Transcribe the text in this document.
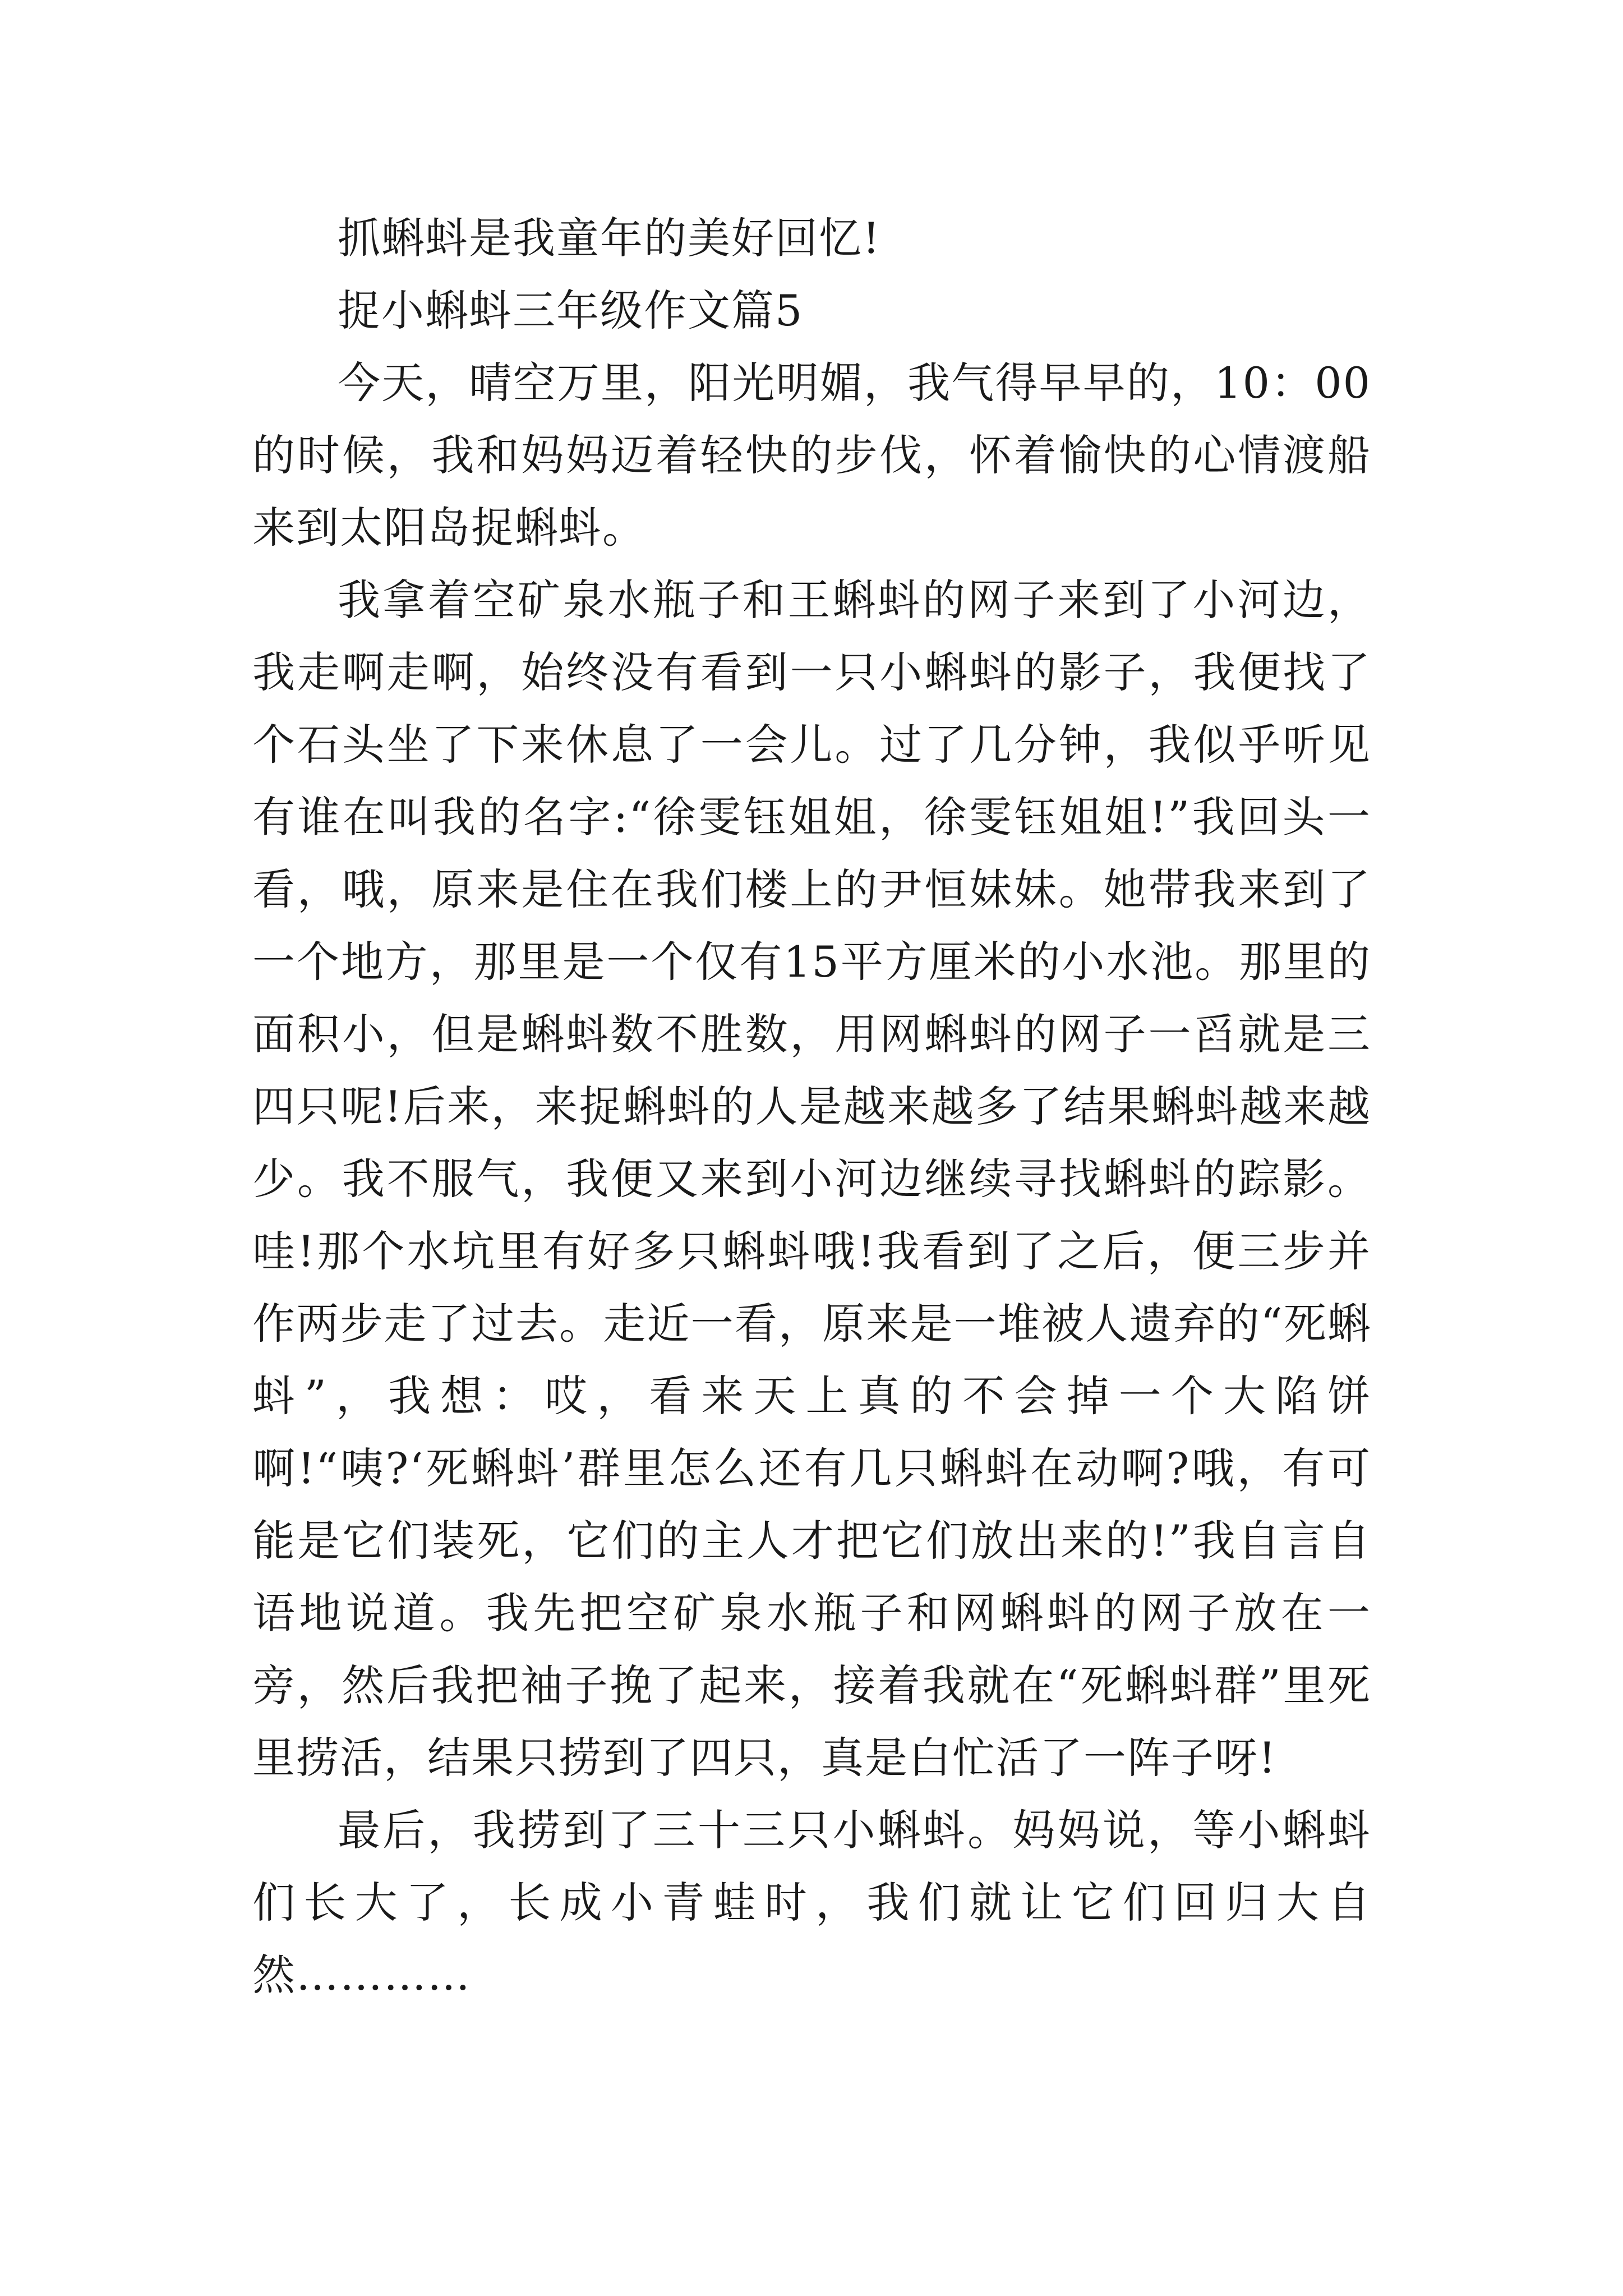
抓蝌蚪是我童年的美好回忆!

捉小蝌蚪三年级作文篇5

今天，晴空万里，阳光明媚，我气得早早的，10：00的时候，我和妈妈迈着轻快的步伐，怀着愉快的心情渡船来到太阳岛捉蝌蚪。

我拿着空矿泉水瓶子和王蝌蚪的网子来到了小河边，我走啊走啊，始终没有看到一只小蝌蚪的影子，我便找了个石头坐了下来休息了一会儿。过了几分钟，我似乎听见有谁在叫我的名字:“徐雯钰姐姐，徐雯钰姐姐!”我回头一看，哦，原来是住在我们楼上的尹恒妹妹。她带我来到了一个地方，那里是一个仅有15平方厘米的小水池。那里的面积小，但是蝌蚪数不胜数，用网蝌蚪的网子一舀就是三四只呢!后来，来捉蝌蚪的人是越来越多了结果蝌蚪越来越少。我不服气，我便又来到小河边继续寻找蝌蚪的踪影。哇!那个水坑里有好多只蝌蚪哦!我看到了之后，便三步并作两步走了过去。走近一看，原来是一堆被人遗弃的“死蝌蚪”，我想：哎，看来天上真的不会掉一个大陷饼啊!“咦?‘死蝌蚪’群里怎么还有几只蝌蚪在动啊?哦，有可能是它们装死，它们的主人才把它们放出来的!”我自言自语地说道。我先把空矿泉水瓶子和网蝌蚪的网子放在一旁，然后我把袖子挽了起来，接着我就在“死蝌蚪群”里死里捞活，结果只捞到了四只，真是白忙活了一阵子呀!

最后，我捞到了三十三只小蝌蚪。妈妈说，等小蝌蚪们长大了，长成小青蛙时，我们就让它们回归大自然…………
